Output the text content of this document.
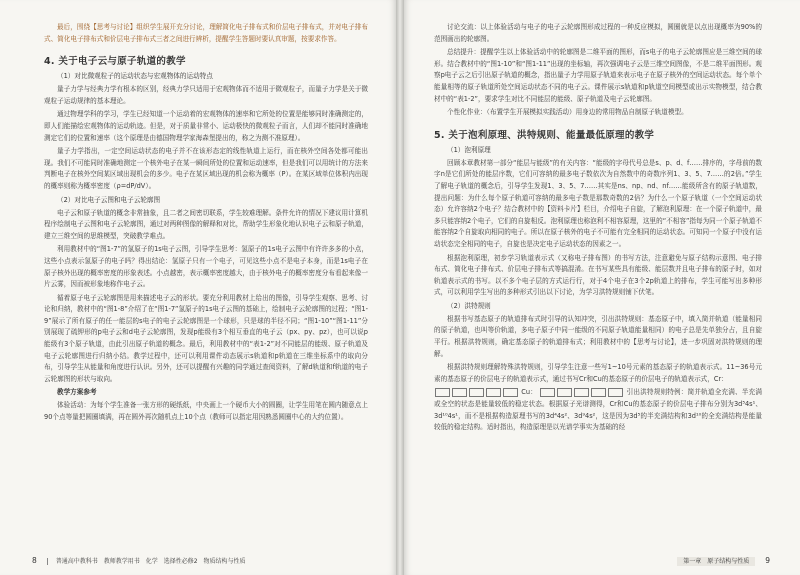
最后，围绕【思考与讨论】组织学生展开充分讨论，理解简化电子排布式和价层电子排布式，并对电子排布式、简化电子排布式和价层电子排布式三者之间进行辨析，提醒学生答题时要认真审题，按要求作答。

4. 关于电子云与原子轨道的教学
（1）对比微观粒子的运动状态与宏观物体的运动特点

量子力学与经典力学有根本的区别，经典力学只适用于宏观物体而不适用于微观粒子，而量子力学是关于微观粒子运动规律的基本理论。

通过物理学科的学习，学生已经知道一个运动着的宏观物体的速率和它所处的位置是能够同时准确测定的，即人们能描绘宏观物体的运动轨迹。但是，对于质量非常小、运动极快的微观粒子而言，人们却不能同时准确地测定它们的位置和速率（这个原理是由德国物理学家海森堡提出的，称之为测不准原理）。

量子力学指出，一定空间运动状态的电子并不在该形态定的线性轨道上运行，而在核外空间各处都可能出现。我们不可能同时准确地测定一个核外电子在某一瞬间所处的位置和运动速率，但是我们可以用统计的方法来判断电子在核外空间某区域出现机会的多少。电子在某区域出现的机会称为概率（P）。在某区域单位体积内出现的概率则称为概率密度（ρ=dP/dV）。

（2）对比电子云图和电子云轮廓图

电子云和原子轨道的概念非常抽象，且二者之间密切联系，学生较难理解。条件允许的情况下建议用计算机程序绘制电子云图和电子云轮廓图，通过对两种图像的解释和对比，帮助学生形象化地认识电子云和原子轨道，建立三维空间的思维模型，突破教学难点。

利用教材中的“图1-7”的氢原子的1s电子云图，引导学生思考：氢原子的1s电子云图中有许许多多的小点，这些小点表示氢原子的电子吗？得出结论：氢原子只有一个电子，可见这些小点不是电子本身，而是1s电子在原子核外出现的概率密度的形象表述。小点越密，表示概率密度越大，由于核外电子的概率密度分布看起来像一片云雾，因而被形象地称作电子云。

循着原子电子云轮廓图是用来描述电子云的形状。要充分利用教材上给出的图像，引导学生观察、思考、讨论和归纳，教材中的“图1-8”介绍了在“图1-7”氢原子的1s电子云图的基础上，绘制电子云轮廓图的过程；“图1-9”展示了所有原子的任一能层的s电子的电子云轮廓图是一个球形，只是球的半径不同；“图1-10”“图1-11”分别展现了硫钾形的p电子云和d电子云轮廓图，发现p能级有3个相互垂直的电子云（px、py、pz），也可以说p能级有3个原子轨道，由此引出原子轨道的概念。最后，利用教材中的“表1-2”对不同能层的能级、原子轨道及电子云轮廓图进行归纳小结。教学过程中，还可以利用课件动态展示s轨道和p轨道在三维坐标系中的取向分布，引导学生从能量和角度进行认识。另外，还可以提醒有兴趣的同学通过查阅资料，了解d轨道和f轨道的电子云轮廓图的形状与取向。

教学方案参考

体验活动：为每个学生准备一张方形的硬纸纸，中央画上一个硬币大小的圆圈，让学生用笔在圆内随意点上90个点等量把圆圈填满，再在圆外再次随机点上10个点（教师可以指定用因熟悉圆圈中心的大约位置）。

8	普通高中教科书　教师教学用书　化学　选择性必修2　物质结构与性质

讨论交流：以上体验活动与电子的电子云轮廓图形成过程的一种反应模拟，圆圈就是以点出现概率为90%的范围画出的轮廓图。

总结提升：提醒学生以上体验活动中的轮廓图是二维平面的图形，而s电子的电子云轮廓图应是三维空间的球形。结合教材中的“图1-10”和“图1-11”出现的坐标轴，再次强调电子云是三维空间图像，不是二维平面图形。观察p电子云之后引出原子轨道的概念，指出量子力学用原子轨道来表示电子在原子核外的空间运动状态。每个单个能量相等的原子轨道所处空间运动状态不同的电子云。课件展示s轨道和p轨道空间模型或出示实物模型，结合教材中的“表1-2”，要求学生对比不同能层的能级、原子轨道及电子云轮廓图。

个性化作业：（布置学生开展模拟实践活动）用身边的常用物品自制原子轨道模型。

5. 关于泡利原理、洪特规则、能量最低原理的教学
（1）泡利原理

回顾本章教材第一部分“能层与能级”的有关内容：“能级的字母代号总是s、p、d、f……排序的，字母前的数字n是它们所处的能层序数，它们可容纳的最多电子数依次为自然数中的奇数序列1、3、5、7……的2倍。”学生了解电子轨道的概念后，引导学生发现1、3、5、7……其实是ns、np、nd、nf……能级所含有的原子轨道数，提出问题：为什么每个原子轨道可容纳的最多电子数是那数奇数的2倍？为什么一个原子轨道（一个空间运动状态）允许容纳2个电子？结合教材中的【资料卡片】栏目，介绍电子自旋，了解泡利原理：在一个原子轨道中，最多只能容纳2个电子，它们的自旋相反。泡利原理也称泡利不相容原理，这里的“不相容”指每为同一个原子轨道不能容纳2个自旋取向相同的电子。所以在原子核外的电子不可能有完全相同的运动状态。可知同一个原子中没有运动状态完全相同的电子，自旋也是决定电子运动状态的因素之一。

根据泡利原理，初步学习轨道表示式（又称电子排布图）的书写方法，注意避免与原子结构示意图、电子排布式、简化电子排布式、价层电子排布式等搞混淆。在书写某些具有能级、能层数并且电子排布的原子时，如对轨道表示式的书写。以不多个电子层的方式运行行，对于4个电子在3个2p轨道上的排布，学生可能写出多种形式，可以利用学生写出的多种形式引出以下讨论，为学习洪特规则铺下伏笔。

（2）洪特规则

根据书写基态原子的轨道排布式时引导的认知冲突，引出洪特规则：基态原子中，填入简并轨道（能量相同的原子轨道，也叫等价轨道，多电子原子中同一能级的不同原子轨道能量相同）的电子总是先单独分占，且自旋平行。根据洪特规则，确定基态原子的轨道排布式；利用教材中的【思考与讨论】，进一步巩固对洪特规则的理解。

根据洪特规则理解特殊洪特规则，引导学生注意一些写1~10号元素的基态原子的轨道表示式。11~36号元素的基态原子的价层电子的轨道表示式，通过书写Cr和Cu的基态原子的价层电子的轨道表示式，Cr：

Cu：	引出洪特规则特例：简并轨道全充满、半充满或全空的状态是能量较低的稳定状态。根据原子光谱测得，Cr和Cu的基态原子的价层电子排布分别为3d⁵4s¹、3d¹⁰4s¹，而不是根据构造原理书写的3d⁴4s²、3d⁹4s²，这是因为3d⁵的半充满结构和3d¹⁰的全充满结构是能量较低的稳定结构。适时指出，构造原理是以光谱学事实为基础的经

第一章　原子结构与性质 9
